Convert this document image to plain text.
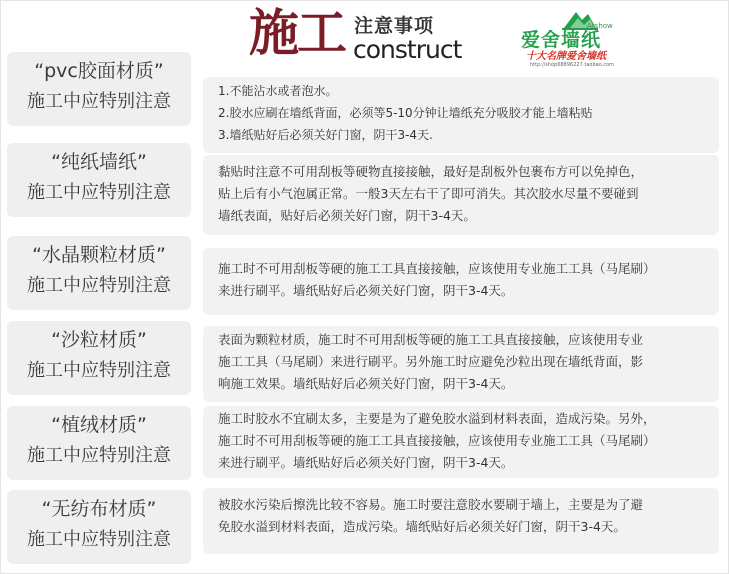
施工 注意事项
construct
Arshow
爱舍墙纸
十大名牌爱舍墙纸
http://shop68896227.taobao.com
“pvc胶面材质”
施工中应特别注意	1.不能沾水或者泡水。
2.胶水应刷在墙纸背面，必须等5-10分钟让墙纸充分吸胶才能上墙粘贴
3.墙纸贴好后必须关好门窗，阴干3-4天.
“纯纸墙纸”
施工中应特别注意
黏贴时注意不可用刮板等硬物直接接触，最好是刮板外包裹布方可以免掉色，
贴上后有小气泡属正常。一般3天左右干了即可消失。其次胶水尽量不要碰到
墙纸表面，贴好后必须关好门窗，阴干3-4天。
“水晶颗粒材质”
施工中应特别注意
施工时不可用刮板等硬的施工工具直接接触，应该使用专业施工工具（马尾刷）
来进行刷平。墙纸贴好后必须关好门窗，阴干3-4天。
“沙粒材质”
施工中应特别注意
表面为颗粒材质，施工时不可用刮板等硬的施工工具直接接触，应该使用专业
施工工具（马尾刷）来进行刷平。另外施工时应避免沙粒出现在墙纸背面，影
响施工效果。墙纸贴好后必须关好门窗，阴干3-4天。
“植绒材质”
施工中应特别注意
施工时胶水不宜刷太多，主要是为了避免胶水溢到材料表面，造成污染。另外，
施工时不可用刮板等硬的施工工具直接接触，应该使用专业施工工具（马尾刷）
来进行刷平。墙纸贴好后必须关好门窗，阴干3-4天。
“无纺布材质”
施工中应特别注意
被胶水污染后擦洗比较不容易。施工时要注意胶水要刷于墙上，主要是为了避
免胶水溢到材料表面，造成污染。墙纸贴好后必须关好门窗，阴干3-4天。
